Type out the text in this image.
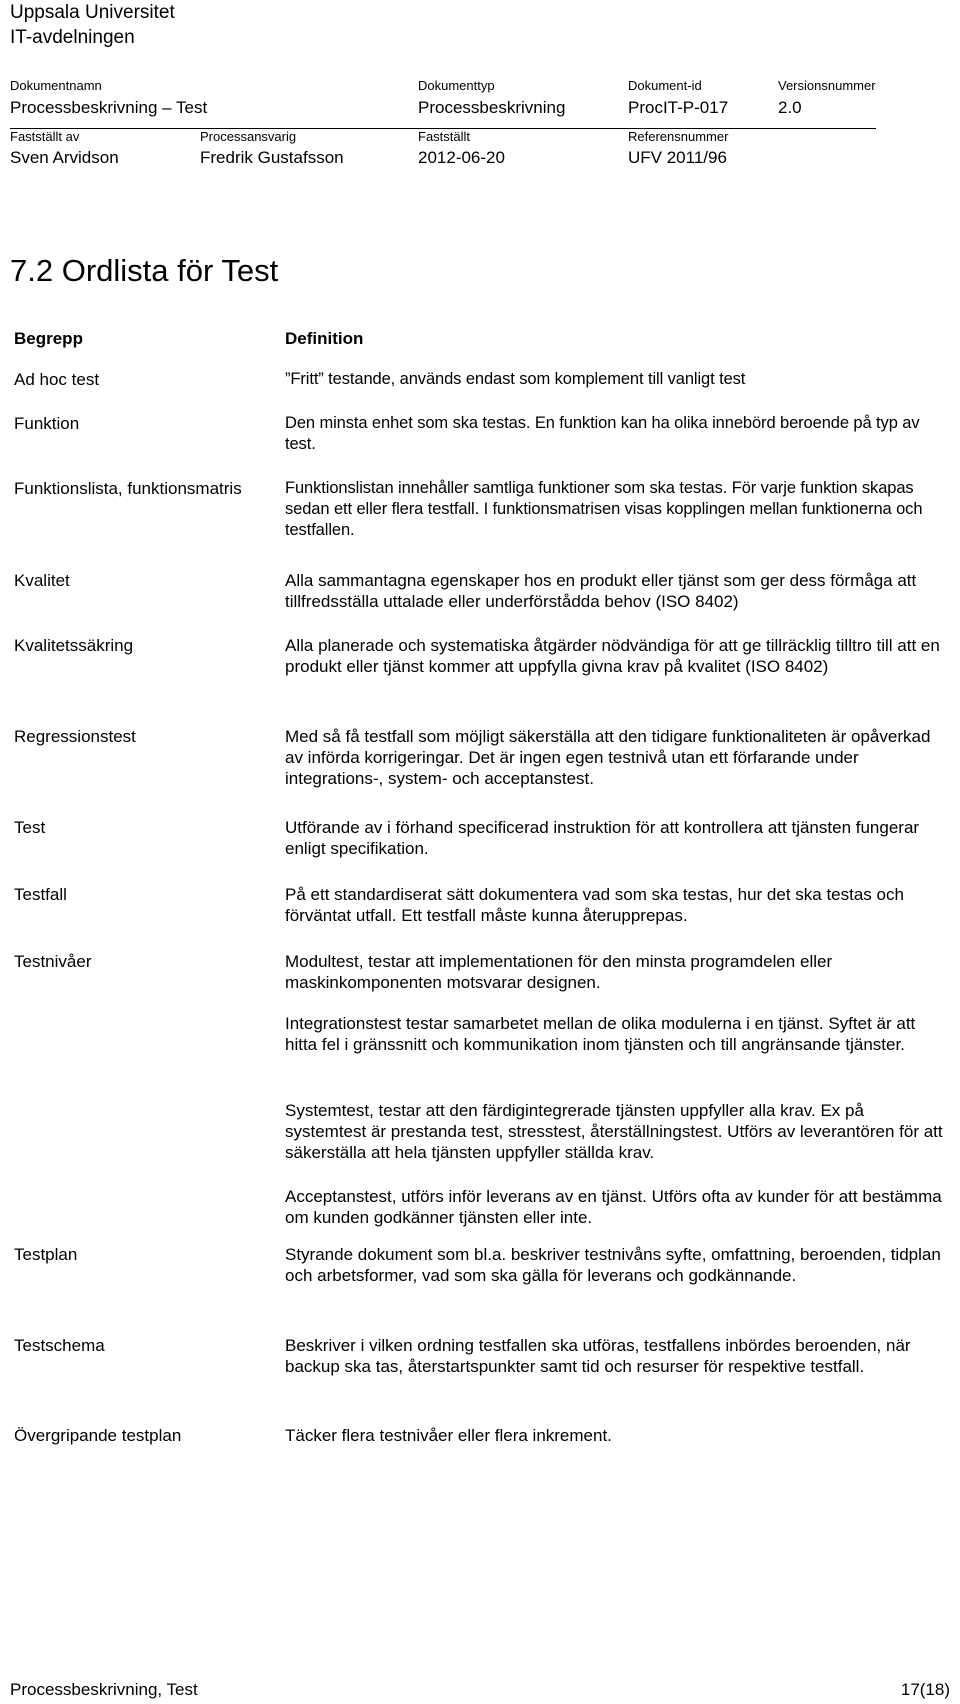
Uppsala Universitet
IT-avdelningen
Dokumentnamn		Dokumenttyp	Dokument-id	Versionsnummer
Processbeskrivning – Test		Processbeskrivning	ProcIT-P-017	2.0
Fastställt av	Processansvarig	Fastställt	Referensnummer	
Sven Arvidson	Fredrik Gustafsson	2012-06-20	UFV 2011/96	
7.2 Ordlista för Test
Begrepp	Definition
Ad hoc test	”Fritt” testande, används endast som komplement till vanligt test
Funktion	Den minsta enhet som ska testas. En funktion kan ha olika innebörd beroende på typ av test.
Funktionslista, funktionsmatris	Funktionslistan innehåller samtliga funktioner som ska testas. För varje funktion skapas sedan ett eller flera testfall. I funktionsmatrisen visas kopplingen mellan funktionerna och testfallen.
Kvalitet	Alla sammantagna egenskaper hos en produkt eller tjänst som ger dess förmåga att tillfredsställa uttalade eller underförstådda behov (ISO 8402)
Kvalitetssäkring	Alla planerade och systematiska åtgärder nödvändiga för att ge tillräcklig tilltro till att en produkt eller tjänst kommer att uppfylla givna krav på kvalitet (ISO 8402)
Regressionstest	Med så få testfall som möjligt säkerställa att den tidigare funktionaliteten är opåverkad av införda korrigeringar. Det är ingen egen testnivå utan ett förfarande under integrations-, system- och acceptanstest.
Test	Utförande av i förhand specificerad instruktion för att kontrollera att tjänsten fungerar enligt specifikation.
Testfall	På ett standardiserat sätt dokumentera vad som ska testas, hur det ska testas och förväntat utfall. Ett testfall måste kunna återupprepas.
Testnivåer	Modultest, testar att implementationen för den minsta programdelen eller maskinkomponenten motsvarar designen.
Integrationstest testar samarbetet mellan de olika modulerna i en tjänst. Syftet är att hitta fel i gränssnitt och kommunikation inom tjänsten och till angränsande tjänster.
Systemtest, testar att den färdigintegrerade tjänsten uppfyller alla krav. Ex på systemtest är prestanda test, stresstest, återställningstest. Utförs av leverantören för att säkerställa att hela tjänsten uppfyller ställda krav.
Acceptanstest, utförs inför leverans av en tjänst. Utförs ofta av kunder för att bestämma om kunden godkänner tjänsten eller inte.
Testplan	Styrande dokument som bl.a. beskriver testnivåns syfte, omfattning, beroenden, tidplan och arbetsformer, vad som ska gälla för leverans och godkännande.
Testschema	Beskriver i vilken ordning testfallen ska utföras, testfallens inbördes beroenden, när backup ska tas, återstartspunkter samt tid och resurser för respektive testfall.
Övergripande testplan	Täcker flera testnivåer eller flera inkrement.
Processbeskrivning, Test	17(18)
